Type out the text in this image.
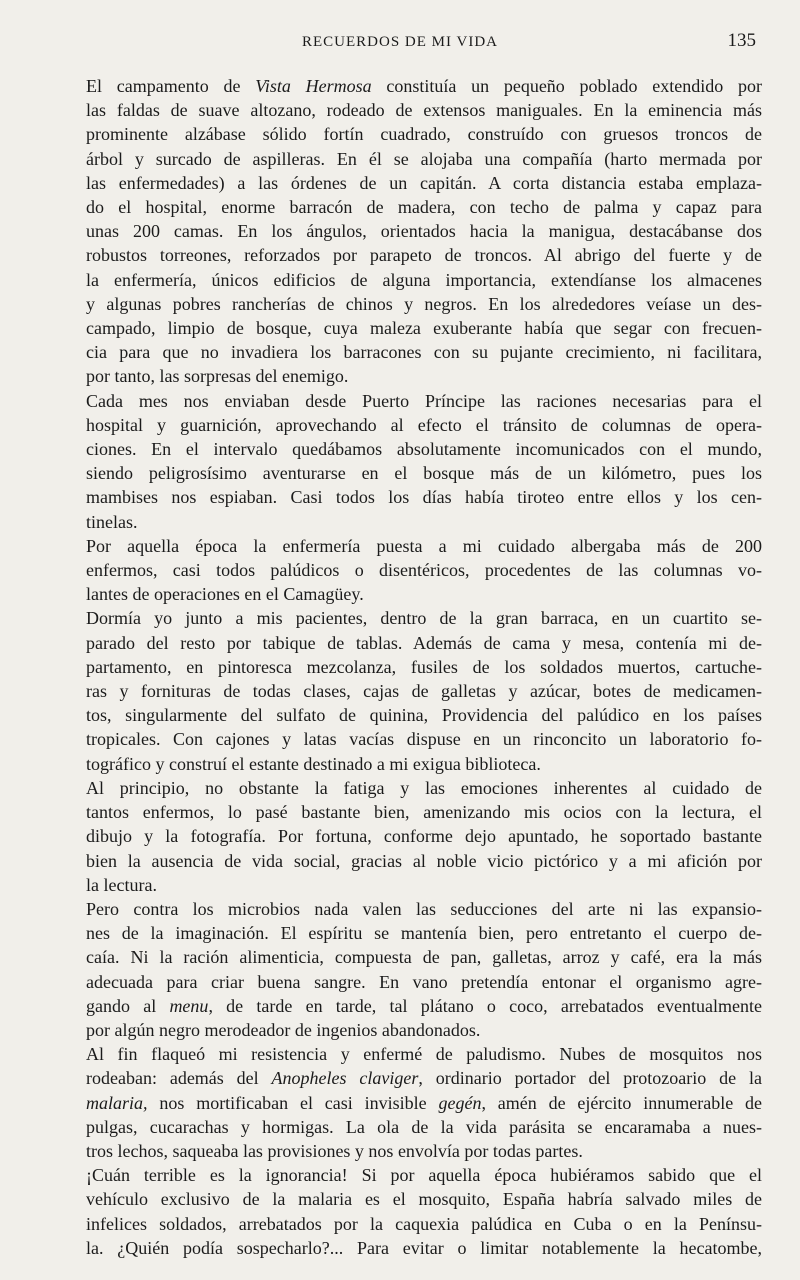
RECUERDOS DE MI VIDA	135

El campamento de Vista Hermosa constituía un pequeño poblado extendido por
las faldas de suave altozano, rodeado de extensos maniguales. En la eminencia más
prominente alzábase sólido fortín cuadrado, construído con gruesos troncos de
árbol y surcado de aspilleras. En él se alojaba una compañía (harto mermada por
las enfermedades) a las órdenes de un capitán. A corta distancia estaba emplaza-
do el hospital, enorme barracón de madera, con techo de palma y capaz para
unas 200 camas. En los ángulos, orientados hacia la manigua, destacábanse dos
robustos torreones, reforzados por parapeto de troncos. Al abrigo del fuerte y de
la enfermería, únicos edificios de alguna importancia, extendíanse los almacenes
y algunas pobres rancherías de chinos y negros. En los alrededores veíase un des-
campado, limpio de bosque, cuya maleza exuberante había que segar con frecuen-
cia para que no invadiera los barracones con su pujante crecimiento, ni facilitara,
por tanto, las sorpresas del enemigo.

Cada mes nos enviaban desde Puerto Príncipe las raciones necesarias para el
hospital y guarnición, aprovechando al efecto el tránsito de columnas de opera-
ciones. En el intervalo quedábamos absolutamente incomunicados con el mundo,
siendo peligrosísimo aventurarse en el bosque más de un kilómetro, pues los
mambises nos espiaban. Casi todos los días había tiroteo entre ellos y los cen-
tinelas.

Por aquella época la enfermería puesta a mi cuidado albergaba más de 200
enfermos, casi todos palúdicos o disentéricos, procedentes de las columnas vo-
lantes de operaciones en el Camagüey.

Dormía yo junto a mis pacientes, dentro de la gran barraca, en un cuartito se-
parado del resto por tabique de tablas. Además de cama y mesa, contenía mi de-
partamento, en pintoresca mezcolanza, fusiles de los soldados muertos, cartuche-
ras y fornituras de todas clases, cajas de galletas y azúcar, botes de medicamen-
tos, singularmente del sulfato de quinina, Providencia del palúdico en los países
tropicales. Con cajones y latas vacías dispuse en un rinconcito un laboratorio fo-
tográfico y construí el estante destinado a mi exigua biblioteca.

Al principio, no obstante la fatiga y las emociones inherentes al cuidado de
tantos enfermos, lo pasé bastante bien, amenizando mis ocios con la lectura, el
dibujo y la fotografía. Por fortuna, conforme dejo apuntado, he soportado bastante
bien la ausencia de vida social, gracias al noble vicio pictórico y a mi afición por
la lectura.

Pero contra los microbios nada valen las seducciones del arte ni las expansio-
nes de la imaginación. El espíritu se mantenía bien, pero entretanto el cuerpo de-
caía. Ni la ración alimenticia, compuesta de pan, galletas, arroz y café, era la más
adecuada para criar buena sangre. En vano pretendía entonar el organismo agre-
gando al menu, de tarde en tarde, tal plátano o coco, arrebatados eventualmente
por algún negro merodeador de ingenios abandonados.

Al fin flaqueó mi resistencia y enfermé de paludismo. Nubes de mosquitos nos
rodeaban: además del Anopheles claviger, ordinario portador del protozoario de la
malaria, nos mortificaban el casi invisible gegén, amén de ejército innumerable de
pulgas, cucarachas y hormigas. La ola de la vida parásita se encaramaba a nues-
tros lechos, saqueaba las provisiones y nos envolvía por todas partes.

¡Cuán terrible es la ignorancia! Si por aquella época hubiéramos sabido que el
vehículo exclusivo de la malaria es el mosquito, España habría salvado miles de
infelices soldados, arrebatados por la caquexia palúdica en Cuba o en la Penínsu-
la. ¿Quién podía sospecharlo?... Para evitar o limitar notablemente la hecatombe,
